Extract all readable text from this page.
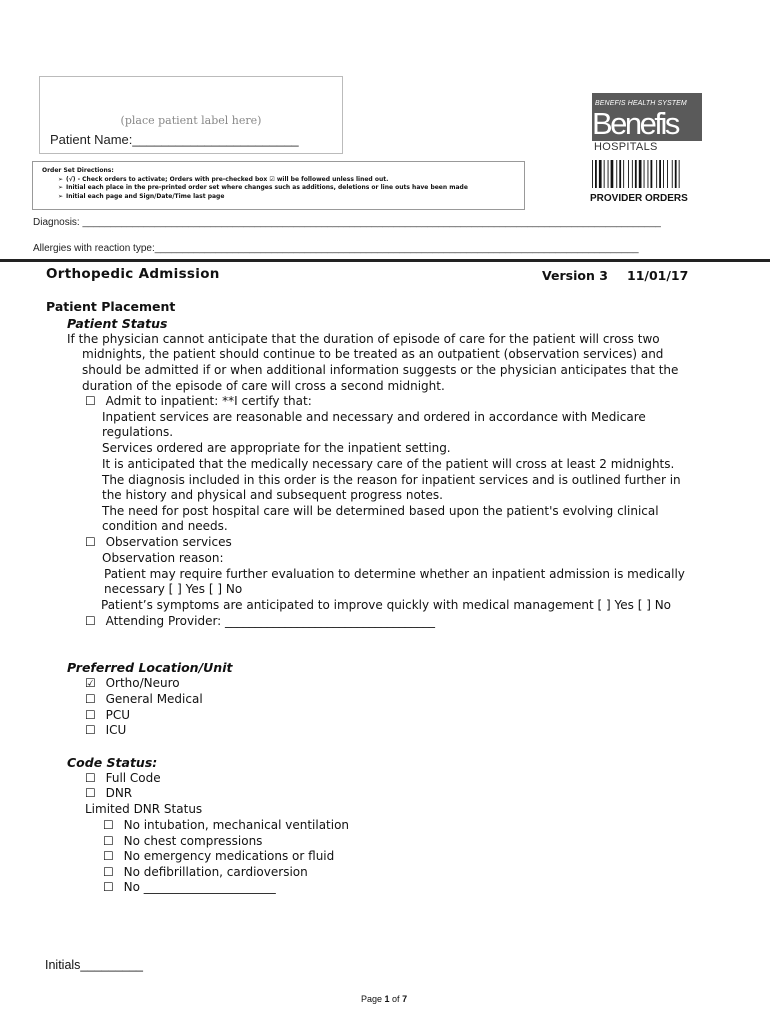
(place patient label here)
Patient Name:_______________________
Order Set Directions:
➢ (√) - Check orders to activate; Orders with pre-checked box ☑ will be followed unless lined out.
➢ Initial each place in the pre-printed order set where changes such as additions, deletions or line outs have been made
➢ Initial each page and Sign/Date/Time last page
BENEFIS HEALTH SYSTEM
Benefis
HOSPITALS
PROVIDER ORDERS
Diagnosis: ________________________________________________________________________________________________________
Allergies with reaction type:_______________________________________________________________________________________
Orthopedic Admission	Version 3 11/01/17
Patient Placement
Patient Status
If the physician cannot anticipate that the duration of episode of care for the patient will cross two
midnights, the patient should continue to be treated as an outpatient (observation services) and
should be admitted if or when additional information suggests or the physician anticipates that the
duration of the episode of care will cross a second midnight.
☐ Admit to inpatient: **I certify that:
Inpatient services are reasonable and necessary and ordered in accordance with Medicare
regulations.
Services ordered are appropriate for the inpatient setting.
It is anticipated that the medically necessary care of the patient will cross at least 2 midnights.
The diagnosis included in this order is the reason for inpatient services and is outlined further in
the history and physical and subsequent progress notes.
The need for post hospital care will be determined based upon the patient's evolving clinical
condition and needs.
☐ Observation services
Observation reason:
Patient may require further evaluation to determine whether an inpatient admission is medically
necessary [ ] Yes [ ] No
Patient’s symptoms are anticipated to improve quickly with medical management [ ] Yes [ ] No
☐ Attending Provider: ___________________________________
Preferred Location/Unit
☑ Ortho/Neuro
☐ General Medical
☐ PCU
☐ ICU
Code Status:
☐ Full Code
☐ DNR
Limited DNR Status
☐ No intubation, mechanical ventilation
☐ No chest compressions
☐ No emergency medications or fluid
☐ No defibrillation, cardioversion
☐ No ______________________
Initials_________
Page 1 of 7
